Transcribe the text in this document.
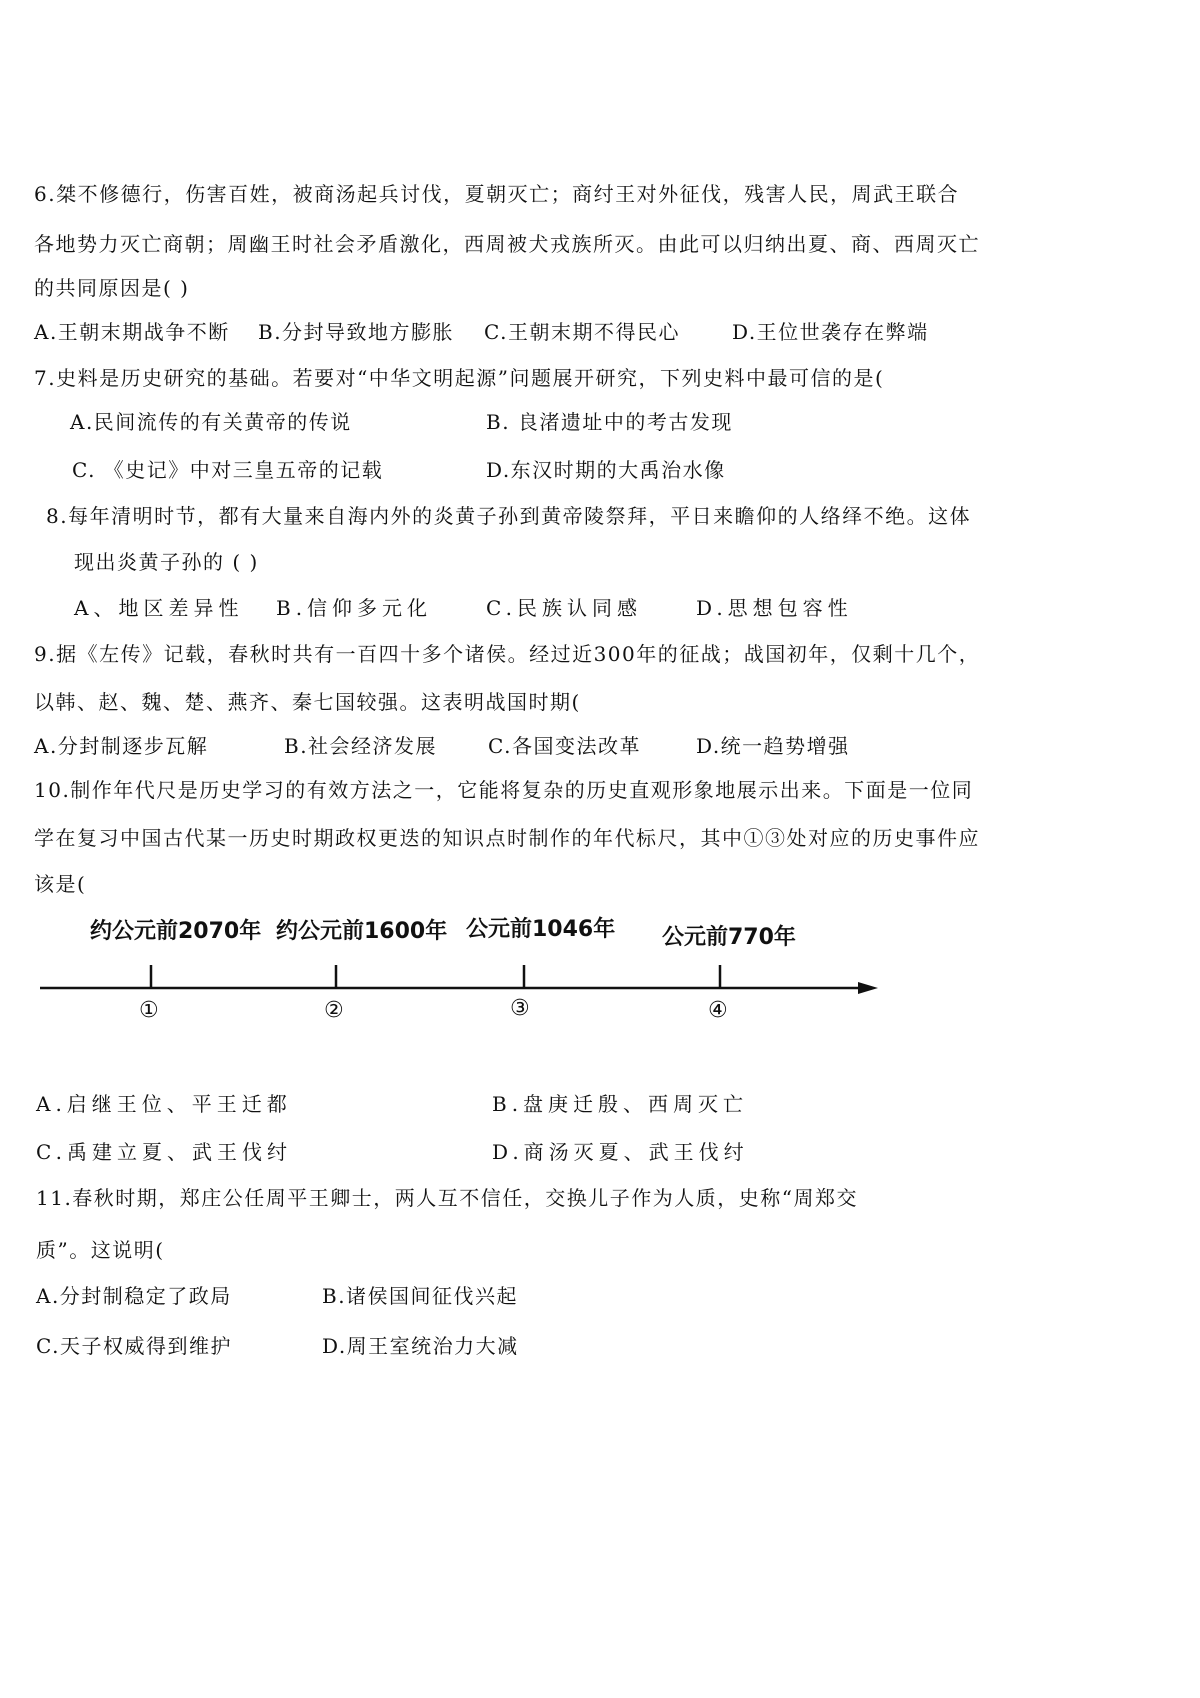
6.桀不修德行，伤害百姓，被商汤起兵讨伐，夏朝灭亡；商纣王对外征伐，残害人民，周武王联合
各地势力灭亡商朝；周幽王时社会矛盾激化，西周被犬戎族所灭。由此可以归纳出夏、商、西周灭亡
的共同原因是( )
A.王朝末期战争不断 B.分封导致地方膨胀 C.王朝末期不得民心	D.王位世袭存在弊端
7.史料是历史研究的基础。若要对“中华文明起源”问题展开研究，下列史料中最可信的是(
A.民间流传的有关黄帝的传说	B. 良渚遗址中的考古发现
C. 《史记》中对三皇五帝的记载	D.东汉时期的大禹治水像
8.每年清明时节，都有大量来自海内外的炎黄子孙到黄帝陵祭拜，平日来瞻仰的人络绎不绝。这体
现出炎黄子孙的 ( )
A、地区差异性 B.信仰多元化	C.民族认同感	D.思想包容性
9.据《左传》记载，春秋时共有一百四十多个诸侯。经过近300年的征战；战国初年，仅剩十几个，
以韩、赵、魏、楚、燕齐、秦七国较强。这表明战国时期(
A.分封制逐步瓦解	B.社会经济发展	C.各国变法改革	D.统一趋势增强
10.制作年代尺是历史学习的有效方法之一，它能将复杂的历史直观形象地展示出来。下面是一位同
学在复习中国古代某一历史时期政权更迭的知识点时制作的年代标尺，其中①③处对应的历史事件应
该是(
约公元前2070年 约公元前1600年 公元前1046年 公元前770年
①	②	③	④
A.启继王位、平王迁都	B.盘庚迁殷、西周灭亡
C.禹建立夏、武王伐纣	D.商汤灭夏、武王伐纣
11.春秋时期，郑庄公任周平王卿士，两人互不信任，交换儿子作为人质，史称“周郑交
质”。这说明(
A.分封制稳定了政局	B.诸侯国间征伐兴起
C.天子权威得到维护	D.周王室统治力大减
